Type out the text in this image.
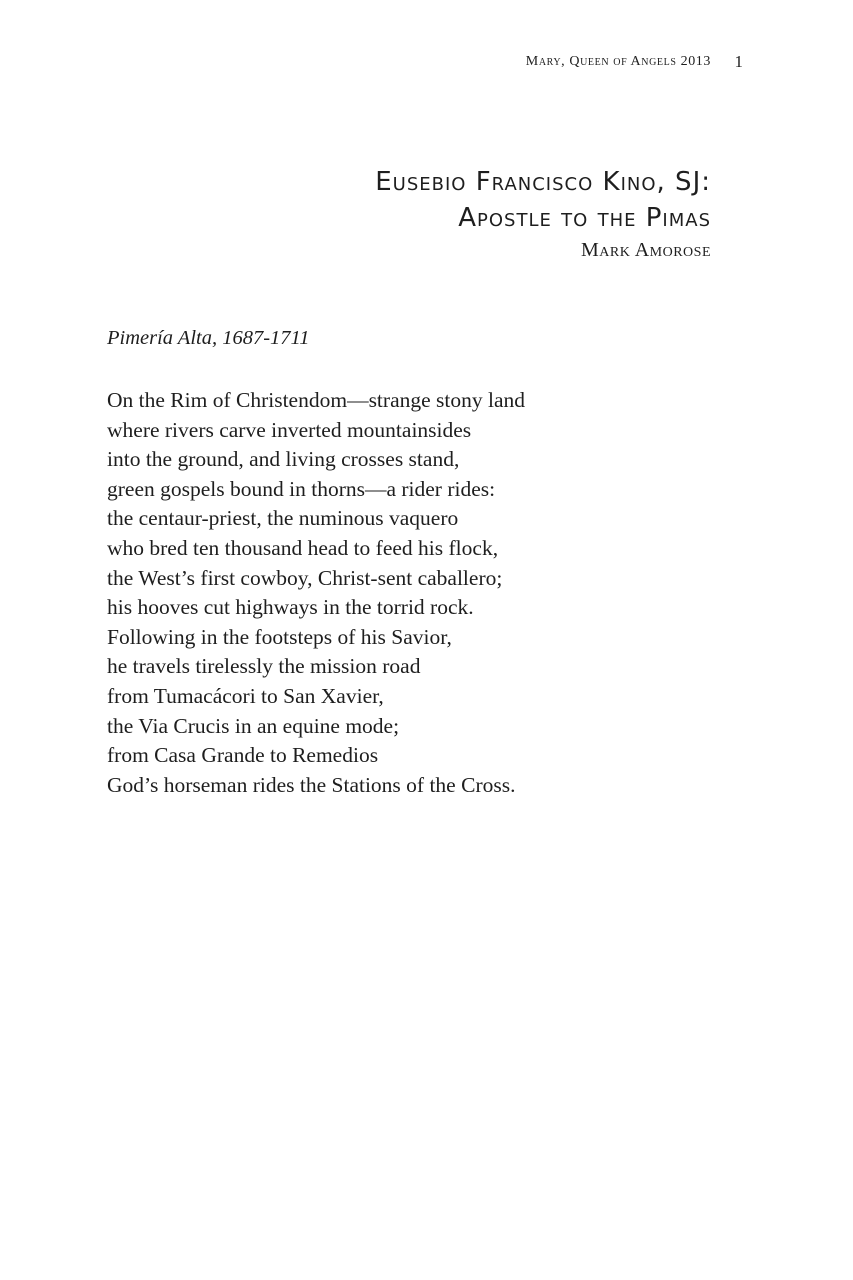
Mary, Queen of Angels 2013 1
Eusebio Francisco Kino, SJ:
Apostle to the Pimas
Mark Amorose
Pimería Alta, 1687-1711
On the Rim of Christendom—strange stony land
where rivers carve inverted mountainsides
into the ground, and living crosses stand,
green gospels bound in thorns—a rider rides:
the centaur-priest, the numinous vaquero
who bred ten thousand head to feed his flock,
the West’s first cowboy, Christ-sent caballero;
his hooves cut highways in the torrid rock.
Following in the footsteps of his Savior,
he travels tirelessly the mission road
from Tumacácori to San Xavier,
the Via Crucis in an equine mode;
from Casa Grande to Remedios
God’s horseman rides the Stations of the Cross.
